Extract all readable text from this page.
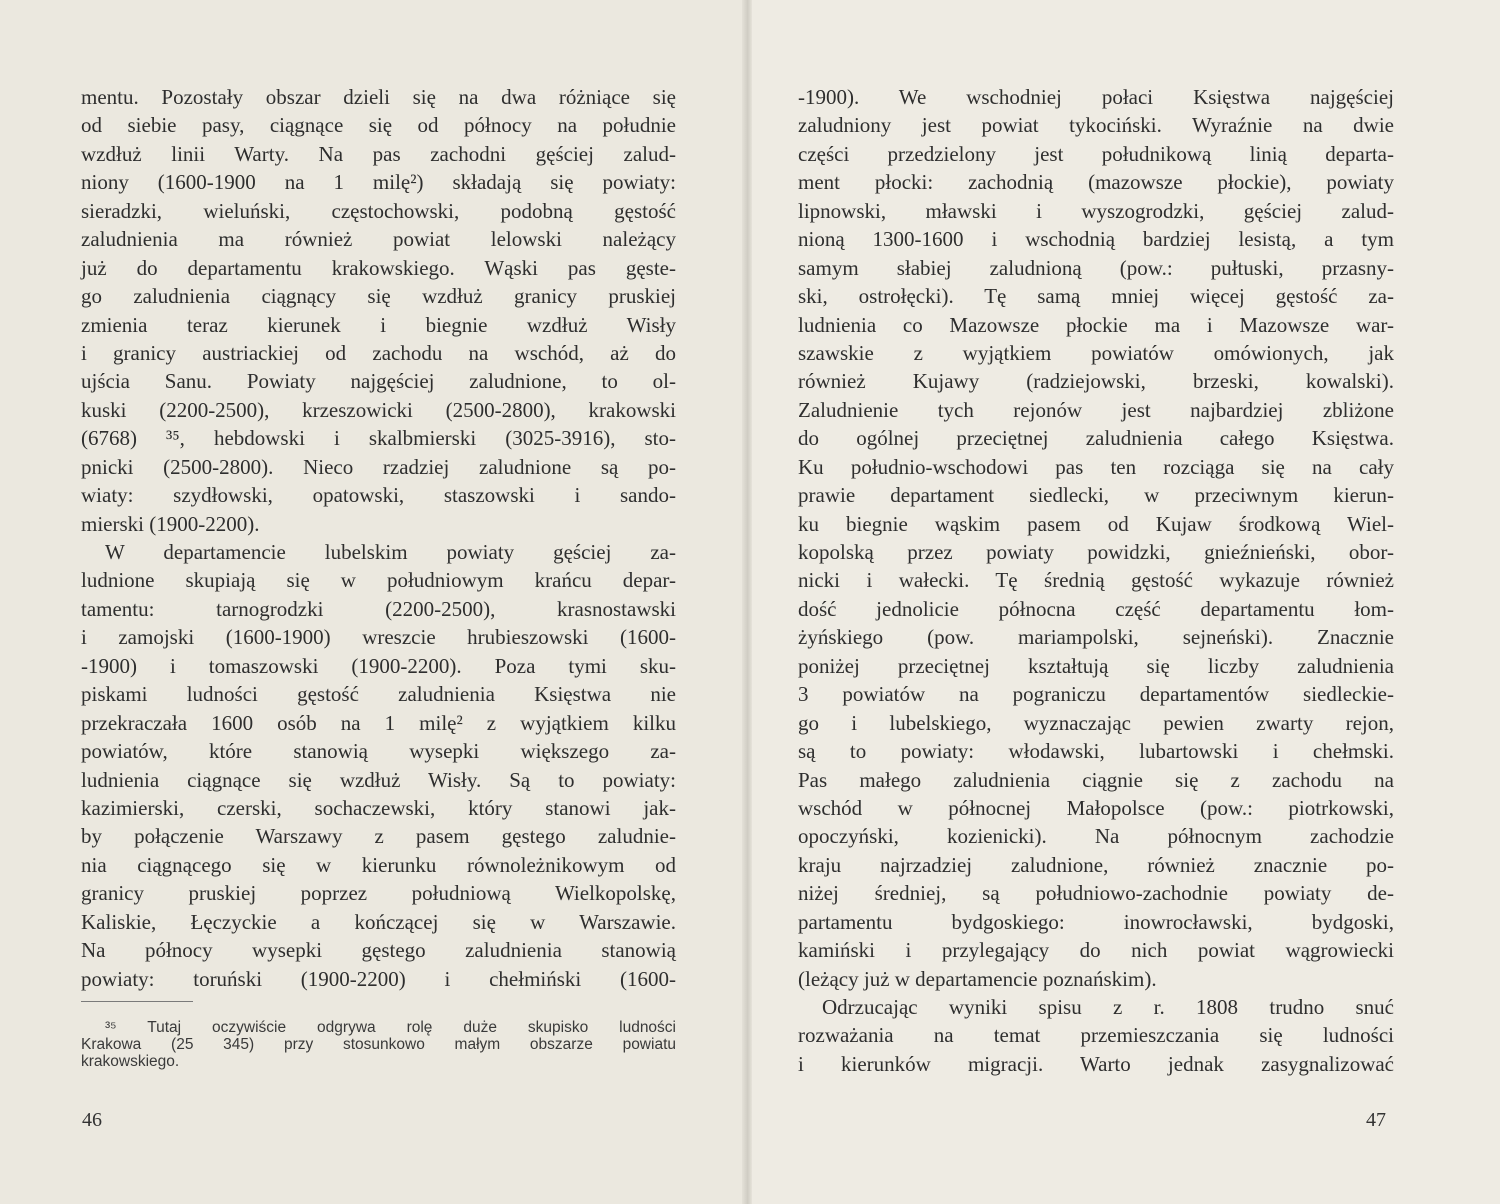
mentu. Pozostały obszar dzieli się na dwa różniące się
od siebie pasy, ciągnące się od północy na południe
wzdłuż linii Warty. Na pas zachodni gęściej zalud-
niony (1600-1900 na 1 milę²) składają się powiaty:
sieradzki, wieluński, częstochowski, podobną gęstość
zaludnienia ma również powiat lelowski należący
już do departamentu krakowskiego. Wąski pas gęste-
go zaludnienia ciągnący się wzdłuż granicy pruskiej
zmienia teraz kierunek i biegnie wzdłuż Wisły
i granicy austriackiej od zachodu na wschód, aż do
ujścia Sanu. Powiaty najgęściej zaludnione, to ol-
kuski (2200-2500), krzeszowicki (2500-2800), krakowski
(6768) ³⁵, hebdowski i skalbmierski (3025-3916), sto-
pnicki (2500-2800). Nieco rzadziej zaludnione są po-
wiaty: szydłowski, opatowski, staszowski i sando-
mierski (1900-2200).
W departamencie lubelskim powiaty gęściej za-
ludnione skupiają się w południowym krańcu depar-
tamentu: tarnogrodzki (2200-2500), krasnostawski
i zamojski (1600-1900) wreszcie hrubieszowski (1600-
-1900) i tomaszowski (1900-2200). Poza tymi sku-
piskami ludności gęstość zaludnienia Księstwa nie
przekraczała 1600 osób na 1 milę² z wyjątkiem kilku
powiatów, które stanowią wysepki większego za-
ludnienia ciągnące się wzdłuż Wisły. Są to powiaty:
kazimierski, czerski, sochaczewski, który stanowi jak-
by połączenie Warszawy z pasem gęstego zaludnie-
nia ciągnącego się w kierunku równoleżnikowym od
granicy pruskiej poprzez południową Wielkopolskę,
Kaliskie, Łęczyckie a kończącej się w Warszawie.
Na północy wysepki gęstego zaludnienia stanowią
powiaty: toruński (1900-2200) i chełmiński (1600-
³⁵ Tutaj oczywiście odgrywa rolę duże skupisko ludności
Krakowa (25 345) przy stosunkowo małym obszarze powiatu
krakowskiego.
46
-1900). We wschodniej połaci Księstwa najgęściej
zaludniony jest powiat tykociński. Wyraźnie na dwie
części przedzielony jest południkową linią departa-
ment płocki: zachodnią (mazowsze płockie), powiaty
lipnowski, mławski i wyszogrodzki, gęściej zalud-
nioną 1300-1600 i wschodnią bardziej lesistą, a tym
samym słabiej zaludnioną (pow.: pułtuski, przasny-
ski, ostrołęcki). Tę samą mniej więcej gęstość za-
ludnienia co Mazowsze płockie ma i Mazowsze war-
szawskie z wyjątkiem powiatów omówionych, jak
również Kujawy (radziejowski, brzeski, kowalski).
Zaludnienie tych rejonów jest najbardziej zbliżone
do ogólnej przeciętnej zaludnienia całego Księstwa.
Ku południo-wschodowi pas ten rozciąga się na cały
prawie departament siedlecki, w przeciwnym kierun-
ku biegnie wąskim pasem od Kujaw środkową Wiel-
kopolską przez powiaty powidzki, gnieźnieński, obor-
nicki i wałecki. Tę średnią gęstość wykazuje również
dość jednolicie północna część departamentu łom-
żyńskiego (pow. mariampolski, sejneński). Znacznie
poniżej przeciętnej kształtują się liczby zaludnienia
3 powiatów na pograniczu departamentów siedleckie-
go i lubelskiego, wyznaczając pewien zwarty rejon,
są to powiaty: włodawski, lubartowski i chełmski.
Pas małego zaludnienia ciągnie się z zachodu na
wschód w północnej Małopolsce (pow.: piotrkowski,
opoczyński, kozienicki). Na północnym zachodzie
kraju najrzadziej zaludnione, również znacznie po-
niżej średniej, są południowo-zachodnie powiaty de-
partamentu bydgoskiego: inowrocławski, bydgoski,
kamiński i przylegający do nich powiat wągrowiecki
(leżący już w departamencie poznańskim).
Odrzucając wyniki spisu z r. 1808 trudno snuć
rozważania na temat przemieszczania się ludności
i kierunków migracji. Warto jednak zasygnalizować
47
